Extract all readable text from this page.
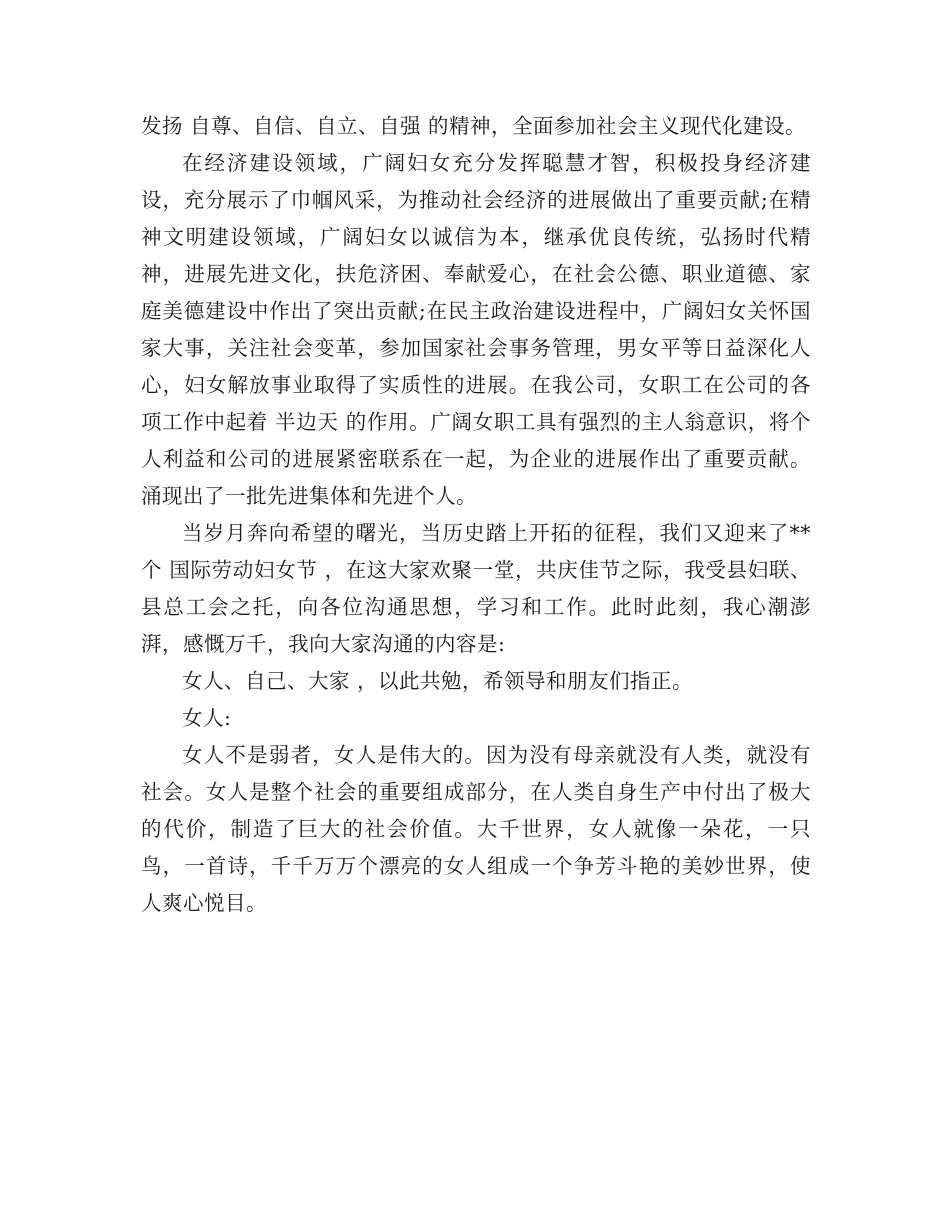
发扬 自尊、自信、自立、自强 的精神，全面参加社会主义现代化建设。

在经济建设领域，广阔妇女充分发挥聪慧才智，积极投身经济建设，充分展示了巾帼风采，为推动社会经济的进展做出了重要贡献;在精神文明建设领域，广阔妇女以诚信为本，继承优良传统，弘扬时代精神，进展先进文化，扶危济困、奉献爱心，在社会公德、职业道德、家庭美德建设中作出了突出贡献;在民主政治建设进程中，广阔妇女关怀国家大事，关注社会变革，参加国家社会事务管理，男女平等日益深化人心，妇女解放事业取得了实质性的进展。在我公司，女职工在公司的各项工作中起着 半边天 的作用。广阔女职工具有强烈的主人翁意识，将个人利益和公司的进展紧密联系在一起，为企业的进展作出了重要贡献。涌现出了一批先进集体和先进个人。

当岁月奔向希望的曙光，当历史踏上开拓的征程，我们又迎来了**个 国际劳动妇女节 ，在这大家欢聚一堂，共庆佳节之际，我受县妇联、县总工会之托，向各位沟通思想，学习和工作。此时此刻，我心潮澎湃，感慨万千，我向大家沟通的内容是:

女人、自己、大家 ，以此共勉，希领导和朋友们指正。

女人:

女人不是弱者，女人是伟大的。因为没有母亲就没有人类，就没有社会。女人是整个社会的重要组成部分，在人类自身生产中付出了极大的代价，制造了巨大的社会价值。大千世界，女人就像一朵花，一只鸟，一首诗，千千万万个漂亮的女人组成一个争芳斗艳的美妙世界，使人爽心悦目。
